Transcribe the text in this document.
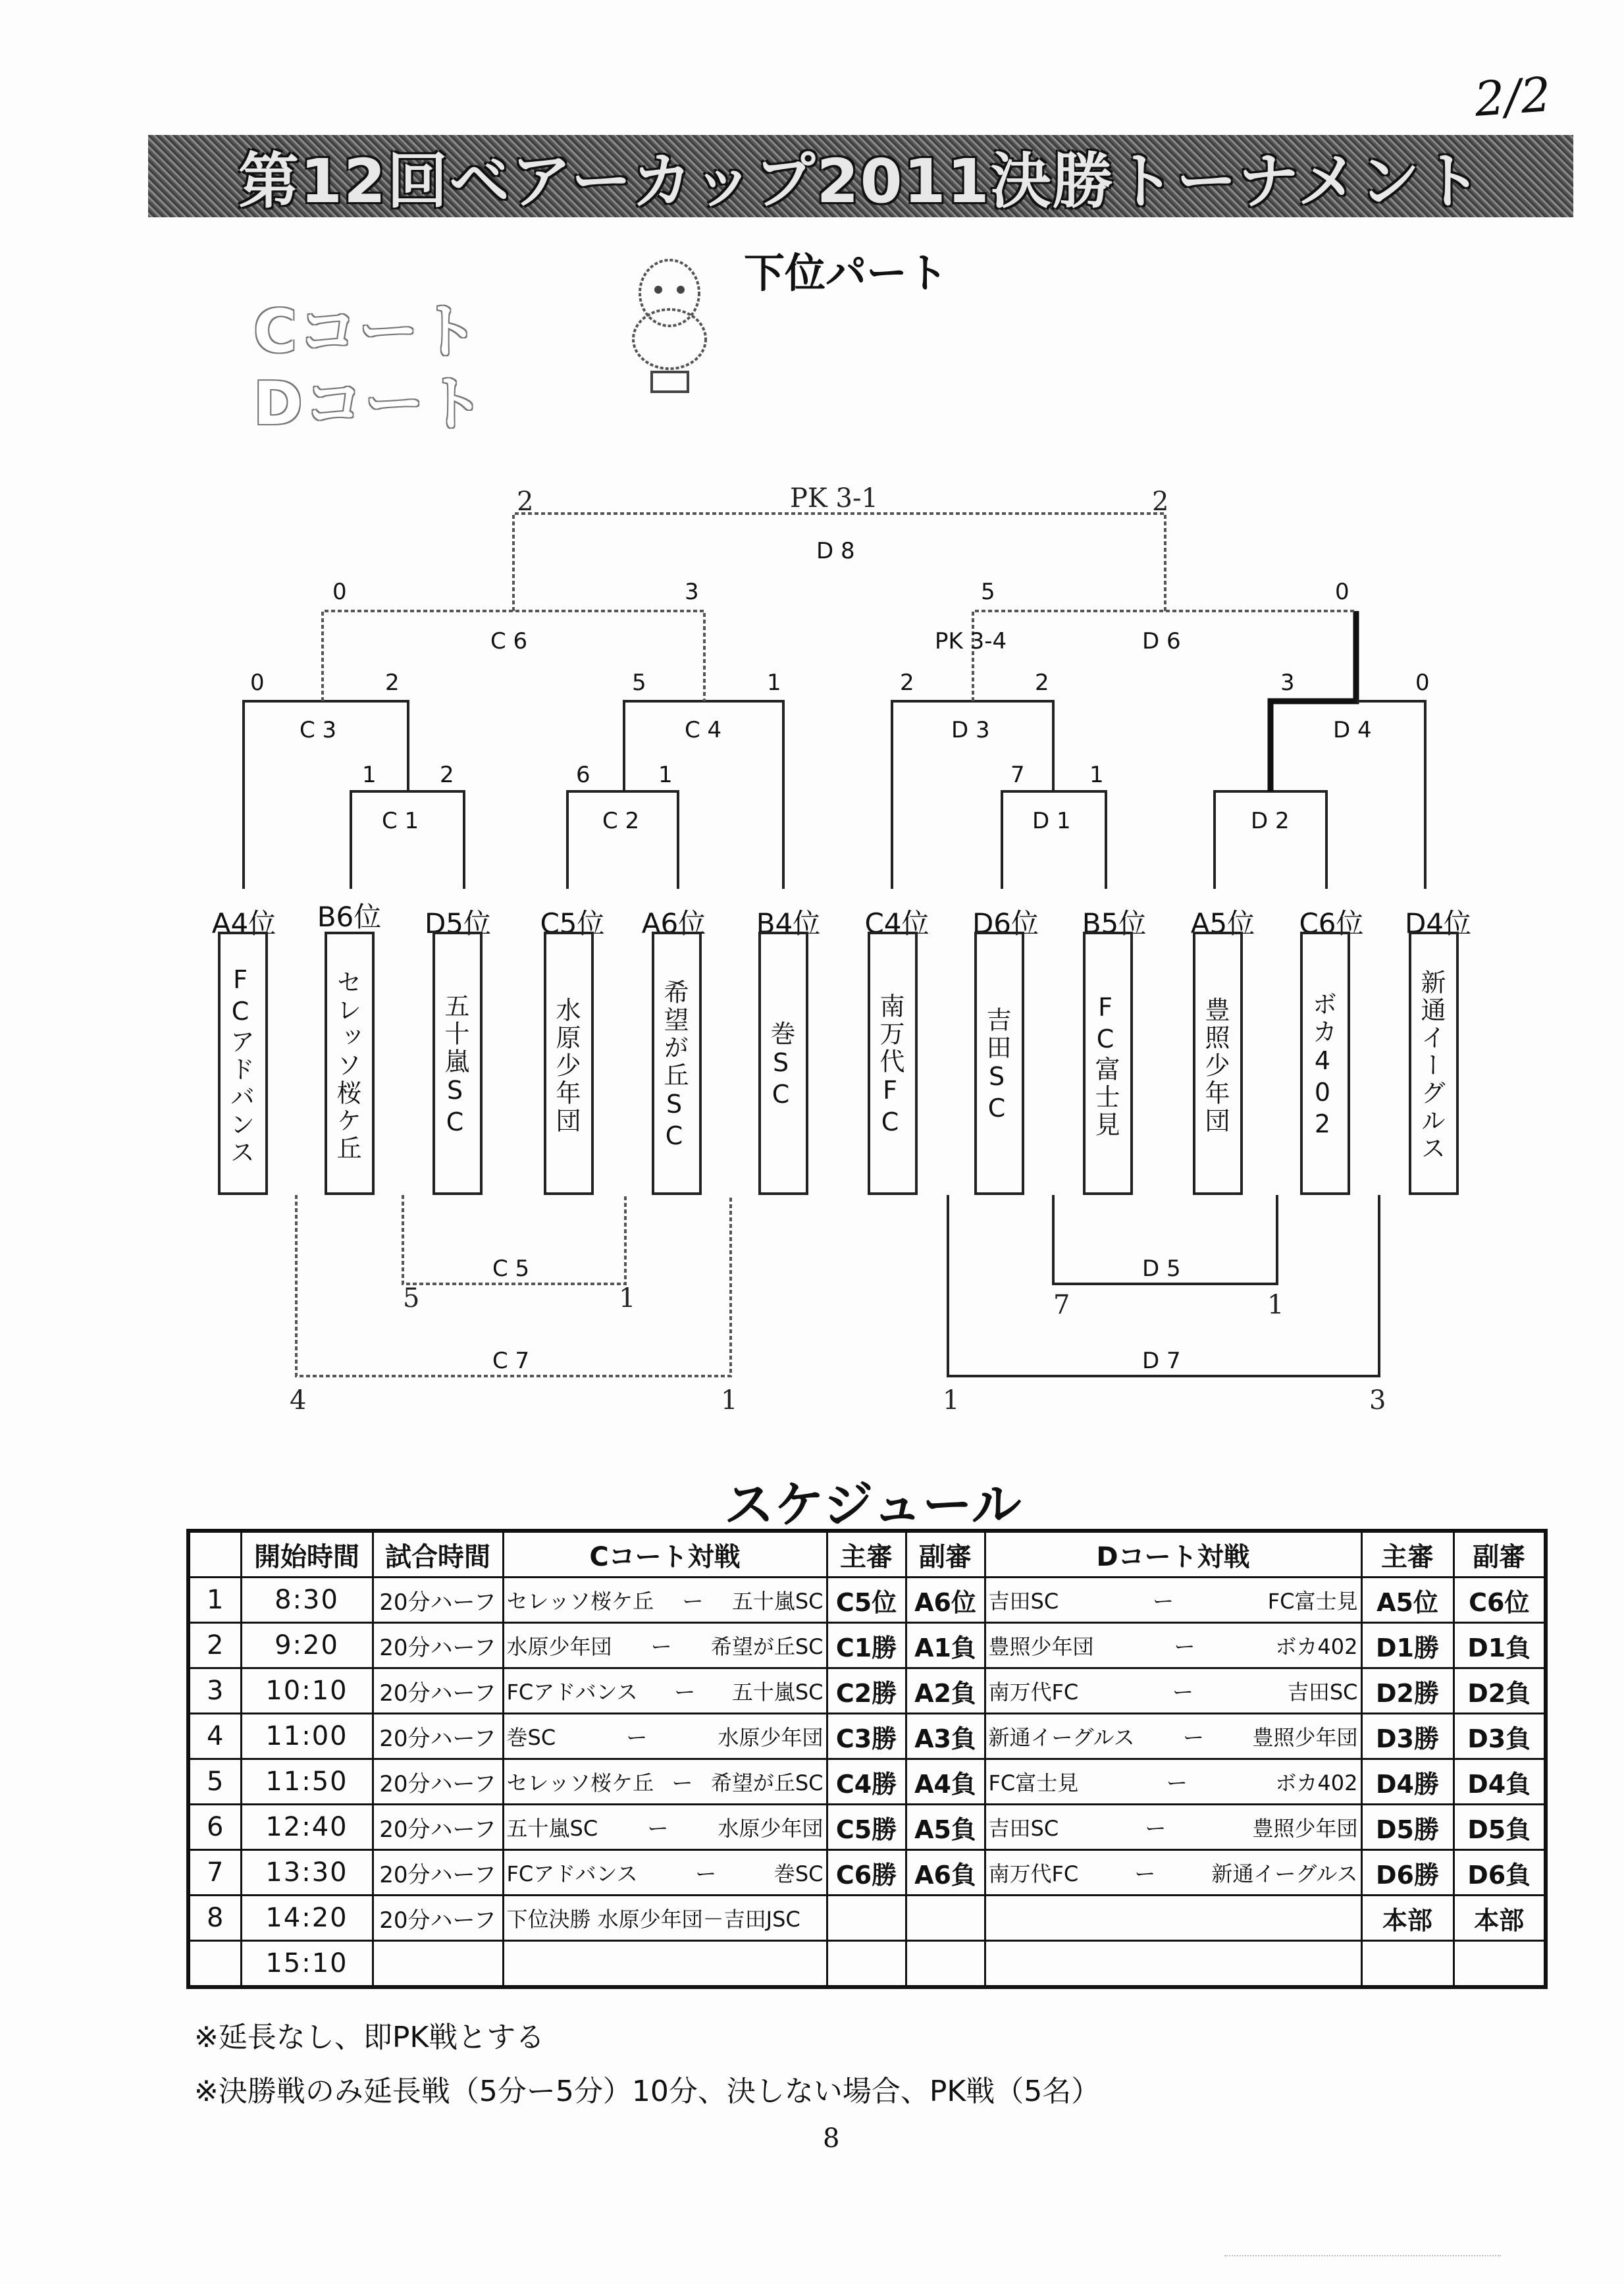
2/2
第12回ベアーカップ2011決勝トーナメント
下位パート
Cコート
Dコート
C 1	C 2
C 3	C 4
C 6
D 8
D 1	D 2
D 3	D 4
D 6
C 5
C 7
D 5
D 7
PK 3-4
PK 3-1
1	2	6	1
0	2	5	1
0	3
2	2
7	1
2	2	3	0
5	0
5	1	7	1
4	1	1	3
A4位
FCアドバンス
B6位
セレッソ桜ケ丘
D5位
五十嵐SC
C5位
水原少年団
A6位
希望が丘SC
B4位
巻SC
C4位
南万代FC
D6位
吉田SC
B5位
FC富士見
A5位
豊照少年団
C6位
ボカ402
D4位
新通イーグルス
スケジュール
	開始時間	試合時間	Cコート対戦	主審	副審	Dコート対戦	主審	副審
1	8:30	20分ハーフ	セレッソ桜ケ丘 ー 五十嵐SC	C5位	A6位	吉田SC ー FC富士見	A5位	C6位
2	9:20	20分ハーフ	水原少年団 ー 希望が丘SC	C1勝	A1負	豊照少年団 ー ボカ402	D1勝	D1負
3	10:10	20分ハーフ	FCアドバンス ー 五十嵐SC	C2勝	A2負	南万代FC ー 吉田SC	D2勝	D2負
4	11:00	20分ハーフ	巻SC ー 水原少年団	C3勝	A3負	新通イーグルス ー 豊照少年団	D3勝	D3負
5	11:50	20分ハーフ	セレッソ桜ケ丘 ー 希望が丘SC	C4勝	A4負	FC富士見 ー ボカ402	D4勝	D4負
6	12:40	20分ハーフ	五十嵐SC ー 水原少年団	C5勝	A5負	吉田SC ー 豊照少年団	D5勝	D5負
7	13:30	20分ハーフ	FCアドバンス ー 巻SC	C6勝	A6負	南万代FC ー 新通イーグルス	D6勝	D6負
8	14:20	20分ハーフ	下位決勝 水原少年団－吉田JSC				本部	本部
	15:10		

※延長なし、即PK戦とする
※決勝戦のみ延長戦（5分ー5分）10分、決しない場合、PK戦（5名）
8
